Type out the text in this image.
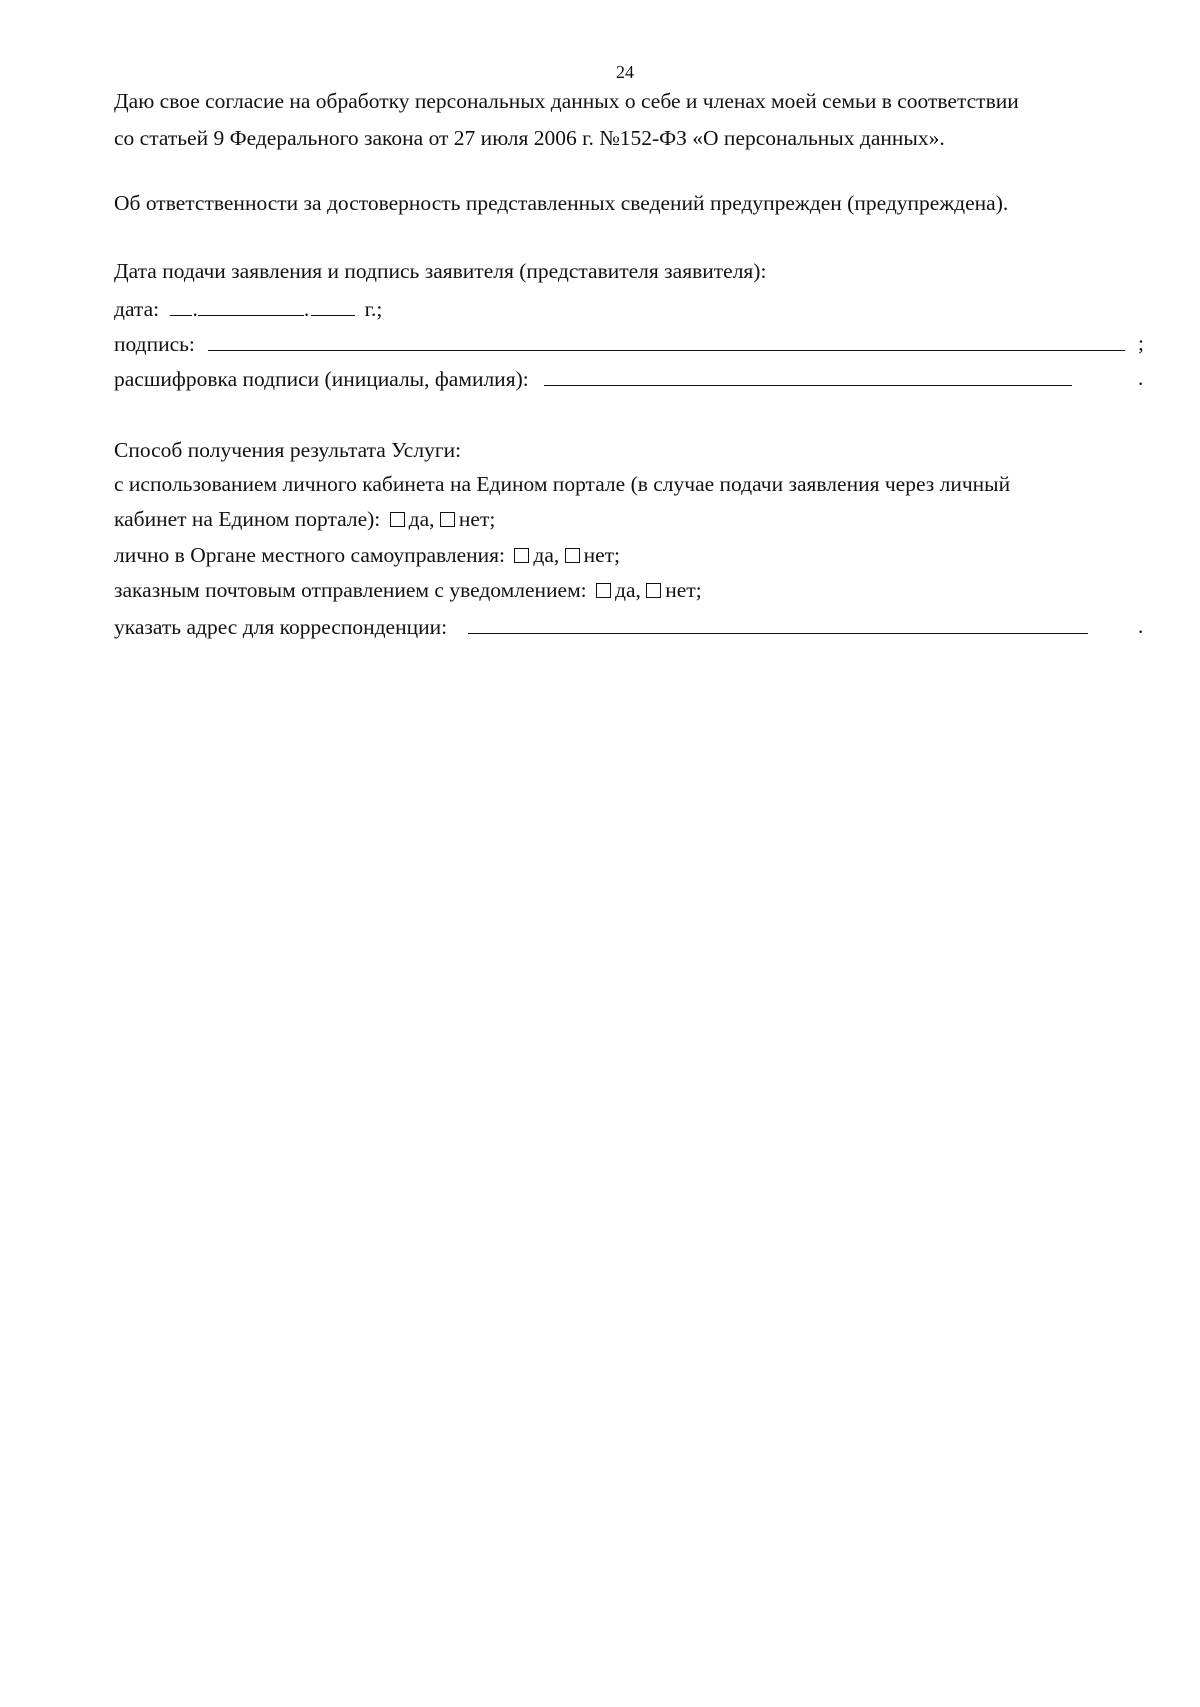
24
Даю свое согласие на обработку персональных данных о себе и членах моей семьи в соответствии
со статьей 9 Федерального закона от 27 июля 2006 г. №152-ФЗ «О персональных данных».
Об ответственности за достоверность представленных сведений предупрежден (предупреждена).
Дата подачи заявления и подпись заявителя (представителя заявителя):
дата: .	.	г.;
подпись:	;
расшифровка подписи (инициалы, фамилия):	.
Способ получения результата Услуги:
с использованием личного кабинета на Едином портале (в случае подачи заявления через личный
кабинет на Едином портале): да, нет;
лично в Органе местного самоуправления: да, нет;
заказным почтовым отправлением с уведомлением: да, нет;
указать адрес для корреспонденции:	.
